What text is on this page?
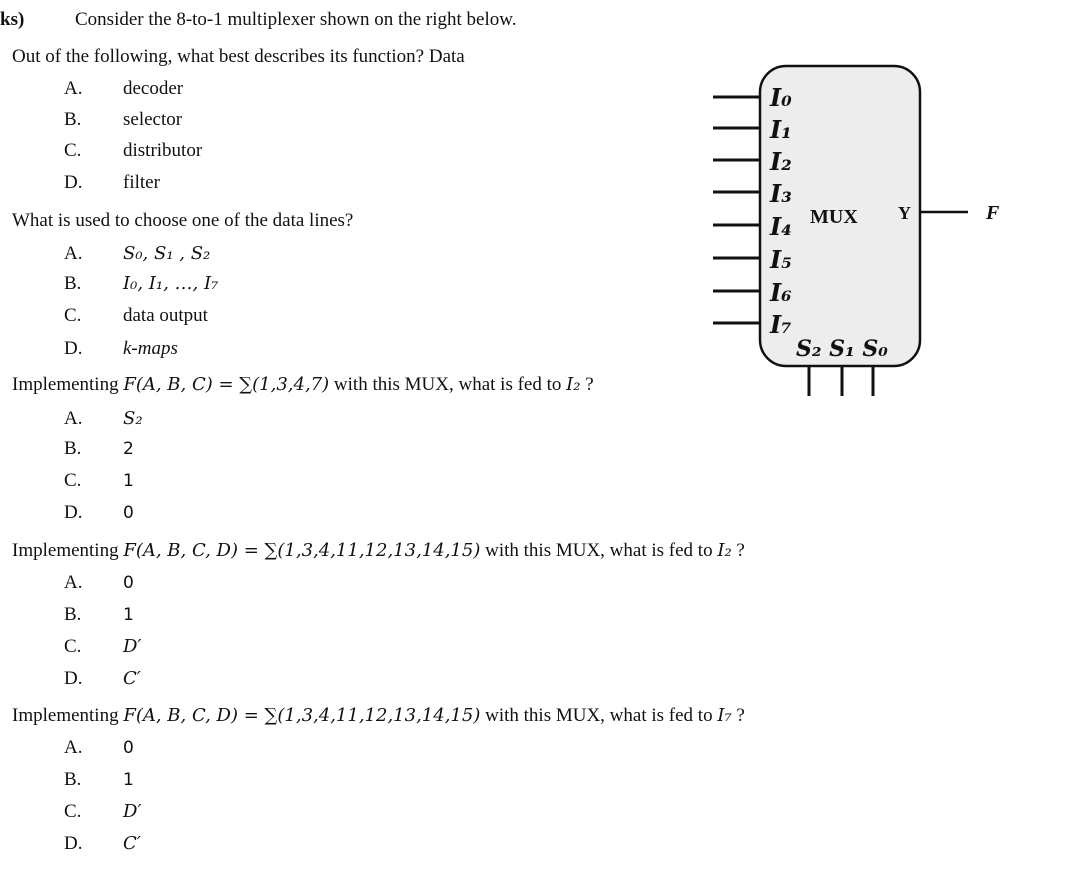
ks)	Consider the 8-to-1 multiplexer shown on the right below.
Out of the following, what best describes its function? Data
A. decoder
B. selector
C. distributor
D. filter
What is used to choose one of the data lines?
A. S₀, S₁ , S₂
B. I₀, I₁, …, I₇
C. data output
D. k-maps
Implementing F(A, B, C) = ∑(1,3,4,7) with this MUX, what is fed to I₂ ?
A. S₂
B. 2
C. 1
D. 0
Implementing F(A, B, C, D) = ∑(1,3,4,11,12,13,14,15) with this MUX, what is fed to I₂ ?
A. 0
B. 1
C. D′
D. C′
Implementing F(A, B, C, D) = ∑(1,3,4,11,12,13,14,15) with this MUX, what is fed to I₇ ?
A. 0
B. 1
C. D′
D. C′
I₀
I₁
I₂
I₃
I₄
I₅
I₆
I₇
MUX Y	F
S₂ S₁ S₀
